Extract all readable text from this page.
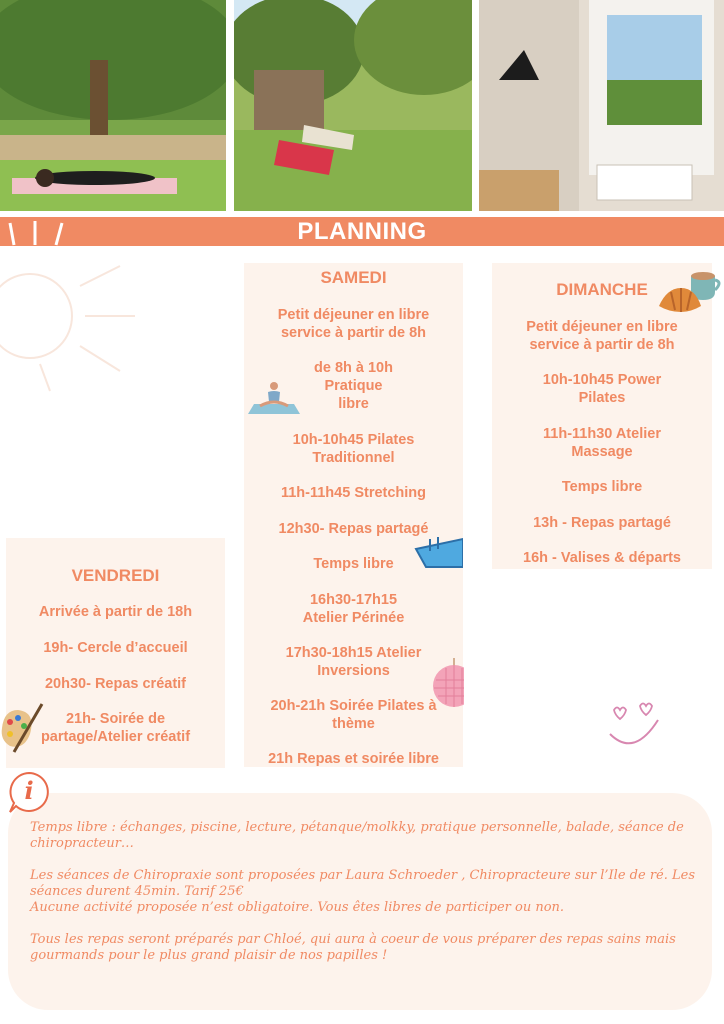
PLANNING
SAMEDI
Petit déjeuner en libre service à partir de 8h
de 8h à 10h
Pratique
libre
10h-10h45 Pilates Traditionnel
11h-11h45 Stretching
12h30- Repas partagé
Temps libre
16h30-17h15 Atelier Périnée
17h30-18h15 Atelier Inversions
20h-21h Soirée Pilates à thème
21h Repas et soirée libre
DIMANCHE
Petit déjeuner en libre service à partir de 8h
10h-10h45 Power Pilates
11h-11h30 Atelier Massage
Temps libre
13h - Repas partagé
16h - Valises & départs
VENDREDI
Arrivée à partir de 18h
19h- Cercle d’accueil
20h30- Repas créatif
21h- Soirée de partage/Atelier créatif
i

Temps libre : échanges, piscine, lecture, pétanque/molkky, pratique personnelle, balade, séance de chiropracteur…

Les séances de Chiropraxie sont proposées par Laura Schroeder , Chiropracteure sur l’Ile de ré. Les séances durent 45min. Tarif 25€

Aucune activité proposée n’est obligatoire. Vous êtes libres de participer ou non.

Tous les repas seront préparés par Chloé, qui aura à coeur de vous préparer des repas sains mais gourmands pour le plus grand plaisir de nos papilles !
